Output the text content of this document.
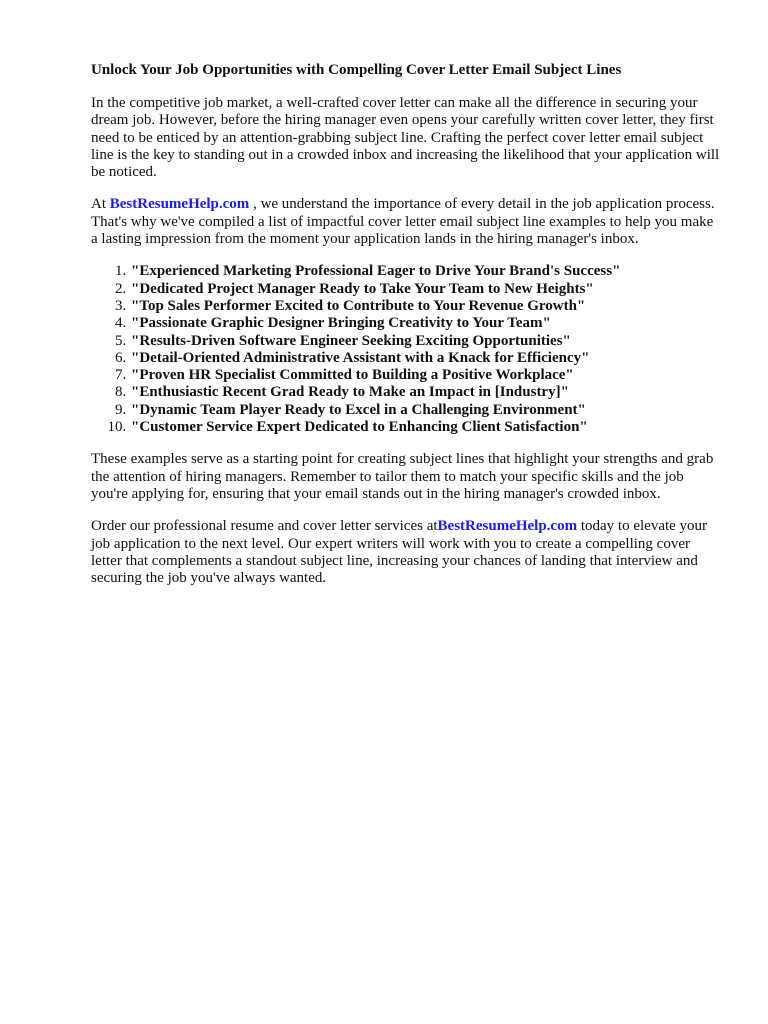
Unlock Your Job Opportunities with Compelling Cover Letter Email Subject Lines

In the competitive job market, a well-crafted cover letter can make all the difference in securing your dream job. However, before the hiring manager even opens your carefully written cover letter, they first need to be enticed by an attention-grabbing subject line. Crafting the perfect cover letter email subject line is the key to standing out in a crowded inbox and increasing the likelihood that your application will be noticed.

At BestResumeHelp.com , we understand the importance of every detail in the job application process. That's why we've compiled a list of impactful cover letter email subject line examples to help you make a lasting impression from the moment your application lands in the hiring manager's inbox.

1. "Experienced Marketing Professional Eager to Drive Your Brand's Success"
2. "Dedicated Project Manager Ready to Take Your Team to New Heights"
3. "Top Sales Performer Excited to Contribute to Your Revenue Growth"
4. "Passionate Graphic Designer Bringing Creativity to Your Team"
5. "Results-Driven Software Engineer Seeking Exciting Opportunities"
6. "Detail-Oriented Administrative Assistant with a Knack for Efficiency"
7. "Proven HR Specialist Committed to Building a Positive Workplace"
8. "Enthusiastic Recent Grad Ready to Make an Impact in [Industry]"
9. "Dynamic Team Player Ready to Excel in a Challenging Environment"
10. "Customer Service Expert Dedicated to Enhancing Client Satisfaction"

These examples serve as a starting point for creating subject lines that highlight your strengths and grab the attention of hiring managers. Remember to tailor them to match your specific skills and the job you're applying for, ensuring that your email stands out in the hiring manager's crowded inbox.

Order our professional resume and cover letter services atBestResumeHelp.com today to elevate your job application to the next level. Our expert writers will work with you to create a compelling cover letter that complements a standout subject line, increasing your chances of landing that interview and securing the job you've always wanted.
